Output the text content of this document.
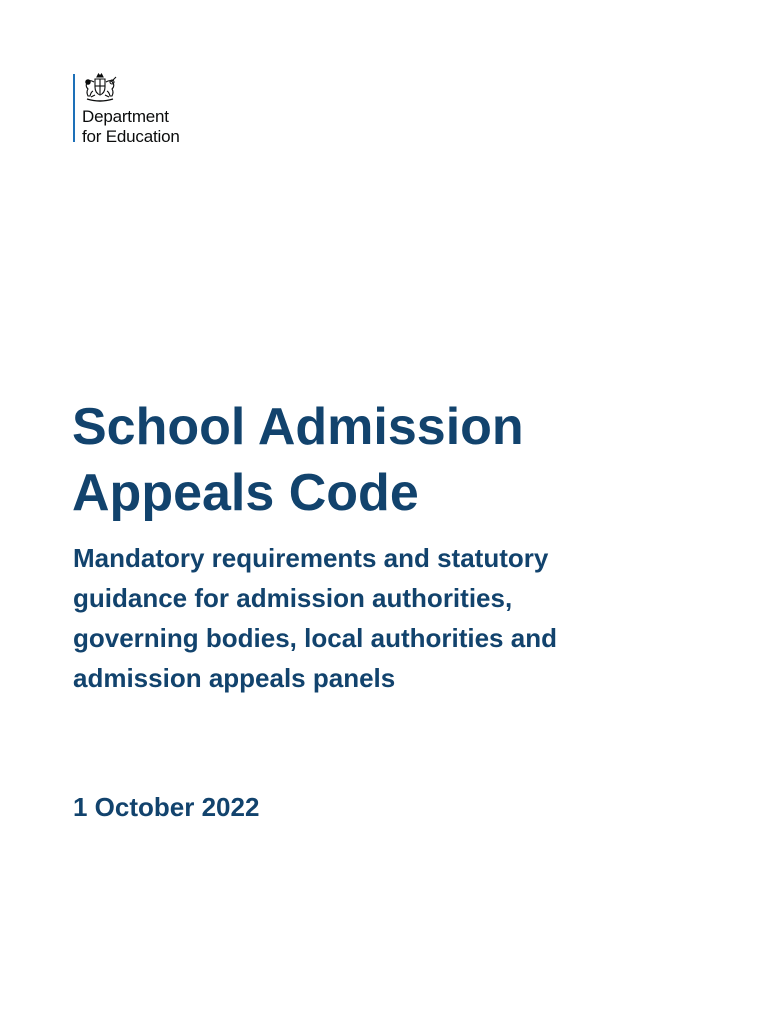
Department
for Education
School Admission
Appeals Code
Mandatory requirements and statutory
guidance for admission authorities,
governing bodies, local authorities and
admission appeals panels

1 October 2022
